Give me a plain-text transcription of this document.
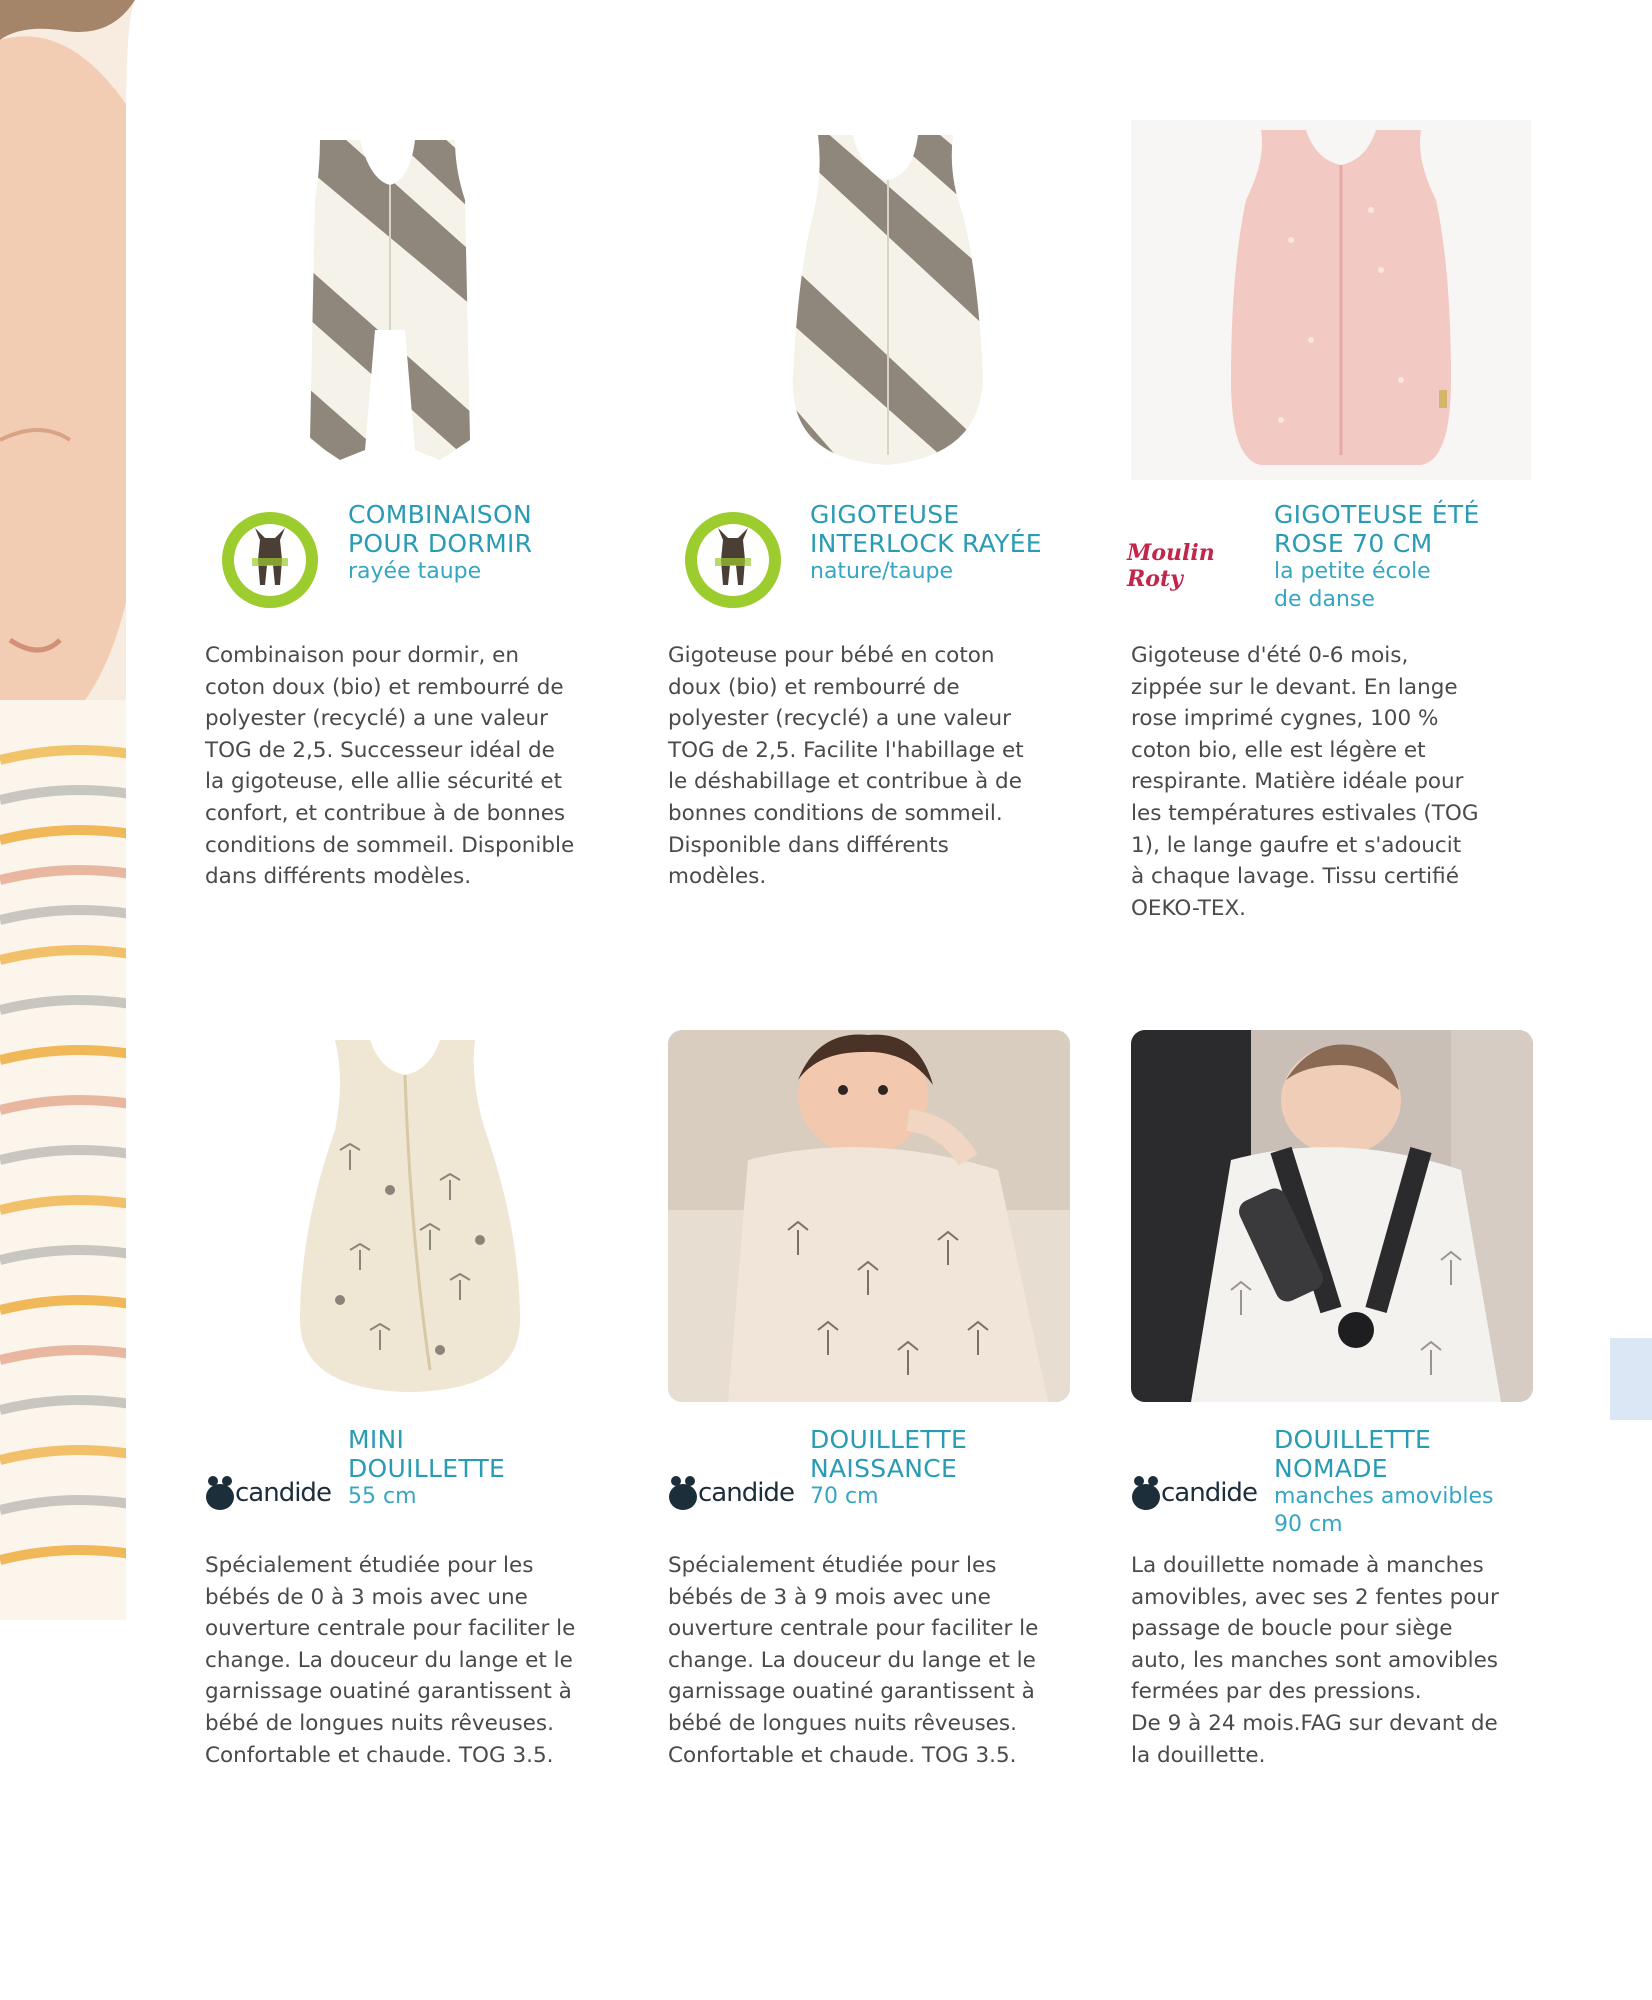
COMBINAISON
POUR DORMIR
rayée taupe
Combinaison pour dormir, en
coton doux (bio) et rembourré de
polyester (recyclé) a une valeur
TOG de 2,5. Successeur idéal de
la gigoteuse, elle allie sécurité et
confort, et contribue à de bonnes
conditions de sommeil. Disponible
dans différents modèles.
GIGOTEUSE
INTERLOCK RAYÉE
nature/taupe
Gigoteuse pour bébé en coton
doux (bio) et rembourré de
polyester (recyclé) a une valeur
TOG de 2,5. Facilite l'habillage et
le déshabillage et contribue à de
bonnes conditions de sommeil.
Disponible dans différents
modèles.
Moulin Roty
GIGOTEUSE ÉTÉ
ROSE 70 CM
la petite école
de danse
Gigoteuse d'été 0-6 mois,
zippée sur le devant. En lange
rose imprimé cygnes, 100 %
coton bio, elle est légère et
respirante. Matière idéale pour
les températures estivales (TOG
1), le lange gaufre et s'adoucit
à chaque lavage. Tissu certifié
OEKO-TEX.
candide
MINI
DOUILLETTE
55 cm
Spécialement étudiée pour les
bébés de 0 à 3 mois avec une
ouverture centrale pour faciliter le
change. La douceur du lange et le
garnissage ouatiné garantissent à
bébé de longues nuits rêveuses.
Confortable et chaude. TOG 3.5.
candide
DOUILLETTE
NAISSANCE
70 cm
Spécialement étudiée pour les
bébés de 3 à 9 mois avec une
ouverture centrale pour faciliter le
change. La douceur du lange et le
garnissage ouatiné garantissent à
bébé de longues nuits rêveuses.
Confortable et chaude. TOG 3.5.
candide
DOUILLETTE
NOMADE
manches amovibles
90 cm
La douillette nomade à manches
amovibles, avec ses 2 fentes pour
passage de boucle pour siège
auto, les manches sont amovibles
fermées par des pressions.
De 9 à 24 mois.FAG sur devant de
la douillette.
